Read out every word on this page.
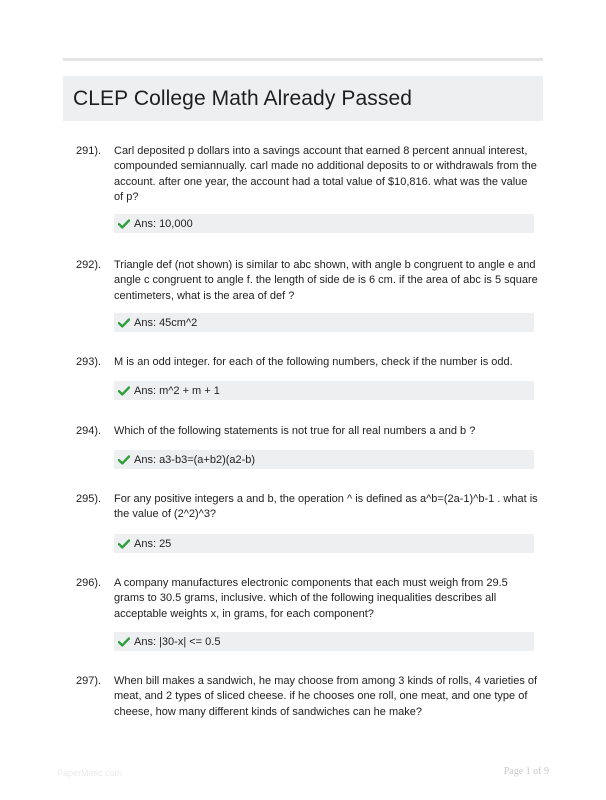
CLEP College Math Already Passed
291). Carl deposited p dollars into a savings account that earned 8 percent annual interest, compounded semiannually. carl made no additional deposits to or withdrawals from the account. after one year, the account had a total value of $10,816. what was the value of p?

Ans: 10,000
292). Triangle def (not shown) is similar to abc shown, with angle b congruent to angle e and angle c congruent to angle f. the length of side de is 6 cm. if the area of abc is 5 square centimeters, what is the area of def ?

Ans: 45cm^2
293). M is an odd integer. for each of the following numbers, check if the number is odd.

Ans: m^2 + m + 1
294). Which of the following statements is not true for all real numbers a and b ?

Ans: a3-b3=(a+b2)(a2-b)
295). For any positive integers a and b, the operation ^ is defined as a^b=(2a-1)^b-1 . what is the value of (2^2)^3?

Ans: 25
296). A company manufactures electronic components that each must weigh from 29.5 grams to 30.5 grams, inclusive. which of the following inequalities describes all acceptable weights x, in grams, for each component?

Ans: |30-x| <= 0.5
297). When bill makes a sandwich, he may choose from among 3 kinds of rolls, 4 varieties of meat, and 2 types of sliced cheese. if he chooses one roll, one meat, and one type of cheese, how many different kinds of sandwiches can he make?

PaperMetic.com	Page 1 of 9
